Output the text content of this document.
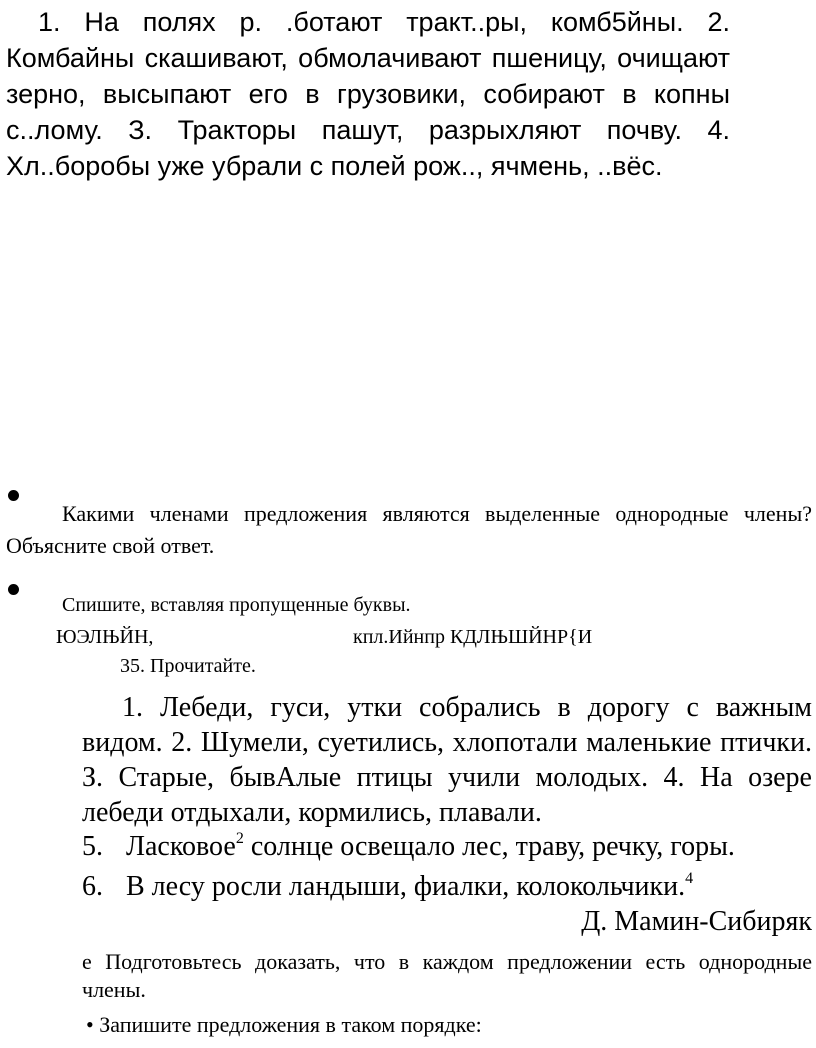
1. На полях р. .ботают тракт..ры, комб5йны. 2. Комбайны скашивают, обмолачивают пшеницу, очищают зерно, высыпают его в грузовики, собирают в копны с..лому. З. Тракторы пашут, разрыхляют почву. 4. Хл..боробы уже убрали с полей рож.., ячмень, ..вёс.
Какими членами предложения являются выделенные однородные члены? Объясните свой ответ.
Спишите, вставляя пропущенные буквы.
ЮЭЛЊЙН,	кпл.Ийнпр КДЛЊШЙНР{И
35. Прочитайте.
1. Лебеди, гуси, утки собрались в дорогу с важным видом. 2. Шумели, суетились, хлопотали маленькие птички. З. Старые, бывАлые птицы учили молодых. 4. На озере лебеди отдыхали, кормились, плавали.
5. Ласковое$^2$ солнце освещало лес, траву, речку, горы.
6. В лесу росли ландыши, фиалки, колокольчики.$^4$
Д. Мамин-Сибиряк
е Подготовьтесь доказать, что в каждом предложении есть однородные члены.
• Запишите предложения в таком порядке:
